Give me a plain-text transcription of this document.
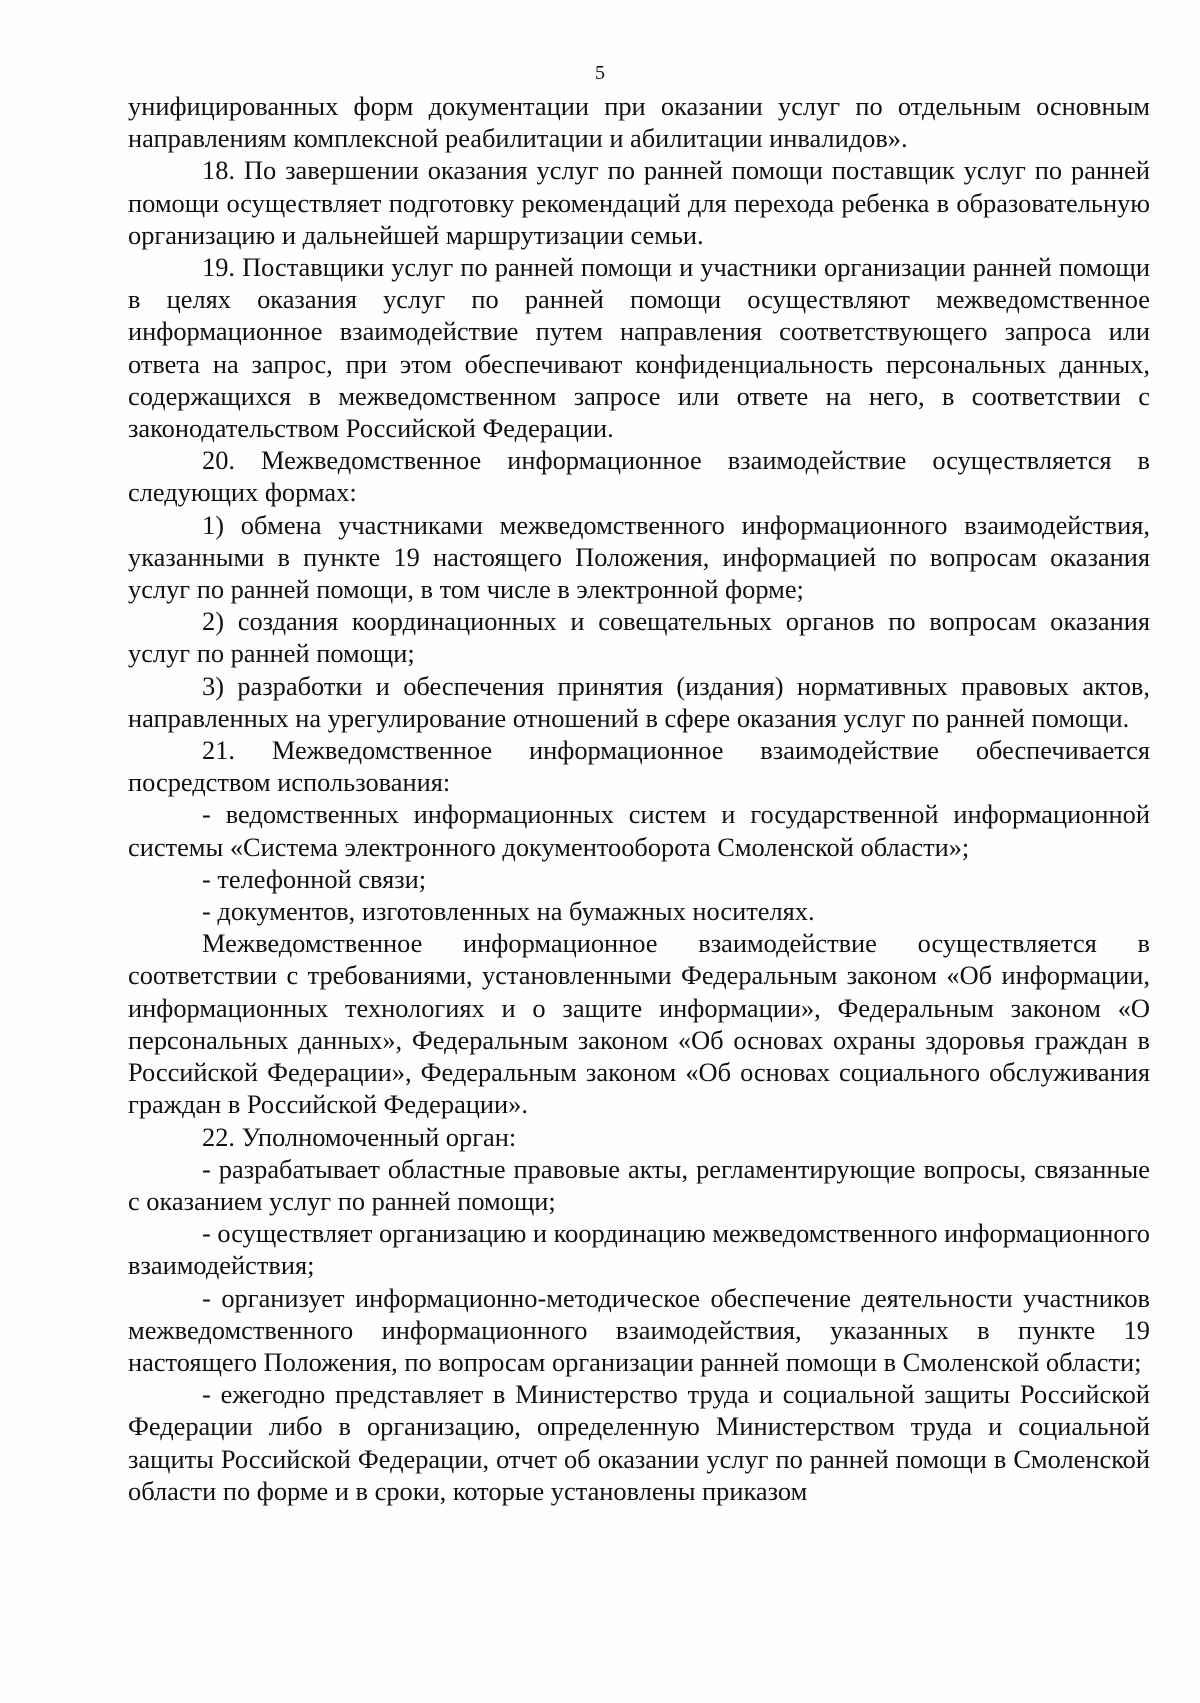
5

унифицированных форм документации при оказании услуг по отдельным основным направлениям комплексной реабилитации и абилитации инвалидов».

18. По завершении оказания услуг по ранней помощи поставщик услуг по ранней помощи осуществляет подготовку рекомендаций для перехода ребенка в образовательную организацию и дальнейшей маршрутизации семьи.

19. Поставщики услуг по ранней помощи и участники организации ранней помощи в целях оказания услуг по ранней помощи осуществляют межведомственное информационное взаимодействие путем направления соответствующего запроса или ответа на запрос, при этом обеспечивают конфиденциальность персональных данных, содержащихся в межведомственном запросе или ответе на него, в соответствии с законодательством Российской Федерации.

20. Межведомственное информационное взаимодействие осуществляется в следующих формах:

1) обмена участниками межведомственного информационного взаимодействия, указанными в пункте 19 настоящего Положения, информацией по вопросам оказания услуг по ранней помощи, в том числе в электронной форме;

2) создания координационных и совещательных органов по вопросам оказания услуг по ранней помощи;

3) разработки и обеспечения принятия (издания) нормативных правовых актов, направленных на урегулирование отношений в сфере оказания услуг по ранней помощи.

21. Межведомственное информационное взаимодействие обеспечивается посредством использования:

- ведомственных информационных систем и государственной информационной системы «Система электронного документооборота Смоленской области»;

- телефонной связи;

- документов, изготовленных на бумажных носителях.

Межведомственное информационное взаимодействие осуществляется в соответствии с требованиями, установленными Федеральным законом «Об информации, информационных технологиях и о защите информации», Федеральным законом «О персональных данных», Федеральным законом «Об основах охраны здоровья граждан в Российской Федерации», Федеральным законом «Об основах социального обслуживания граждан в Российской Федерации».

22. Уполномоченный орган:

- разрабатывает областные правовые акты, регламентирующие вопросы, связанные с оказанием услуг по ранней помощи;

- осуществляет организацию и координацию межведомственного информационного взаимодействия;

- организует информационно-методическое обеспечение деятельности участников межведомственного информационного взаимодействия, указанных в пункте 19 настоящего Положения, по вопросам организации ранней помощи в Смоленской области;

- ежегодно представляет в Министерство труда и социальной защиты Российской Федерации либо в организацию, определенную Министерством труда и социальной защиты Российской Федерации, отчет об оказании услуг по ранней помощи в Смоленской области по форме и в сроки, которые установлены приказом
